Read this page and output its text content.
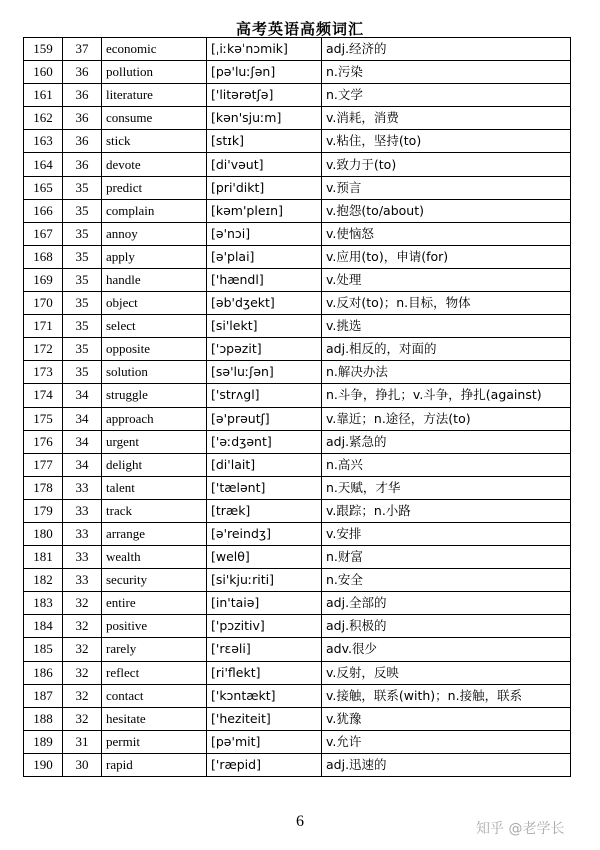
高考英语高频词汇
159	37	economic	[ˌiːkəˈnɔmik]	adj.经济的
160	36	pollution	[pə'luːʃən]	n.污染
161	36	literature	['litərətʃə]	n.文学
162	36	consume	[kən'sjuːm]	v.消耗，消费
163	36	stick	[stɪk]	v.粘住，坚持(to)
164	36	devote	[di'vəut]	v.致力于(to)
165	35	predict	[pri'dikt]	v.预言
166	35	complain	[kəm'pleɪn]	v.抱怨(to/about)
167	35	annoy	[ə'nɔi]	v.使恼怒
168	35	apply	[ə'plai]	v.应用(to)，申请(for)
169	35	handle	['hændl]	v.处理
170	35	object	[əb'dʒekt]	v.反对(to)；n.目标，物体
171	35	select	[si'lekt]	v.挑选
172	35	opposite	['ɔpəzit]	adj.相反的，对面的
173	35	solution	[sə'luːʃən]	n.解决办法
174	34	struggle	['strʌgl]	n.斗争，挣扎；v.斗争，挣扎(against)
175	34	approach	[ə'prəutʃ]	v.靠近；n.途径，方法(to)
176	34	urgent	['əːdʒənt]	adj.紧急的
177	34	delight	[di'lait]	n.高兴
178	33	talent	['tælənt]	n.天赋，才华
179	33	track	[træk]	v.跟踪；n.小路
180	33	arrange	[ə'reindʒ]	v.安排
181	33	wealth	[welθ]	n.财富
182	33	security	[si'kjuːriti]	n.安全
183	32	entire	[in'taiə]	adj.全部的
184	32	positive	['pɔzitiv]	adj.积极的
185	32	rarely	['rɛəli]	adv.很少
186	32	reflect	[ri'flekt]	v.反射，反映
187	32	contact	['kɔntækt]	v.接触，联系(with)；n.接触，联系
188	32	hesitate	['heziteit]	v.犹豫
189	31	permit	[pə'mit]	v.允许
190	30	rapid	['ræpid]	adj.迅速的
6	知乎 @老学长
